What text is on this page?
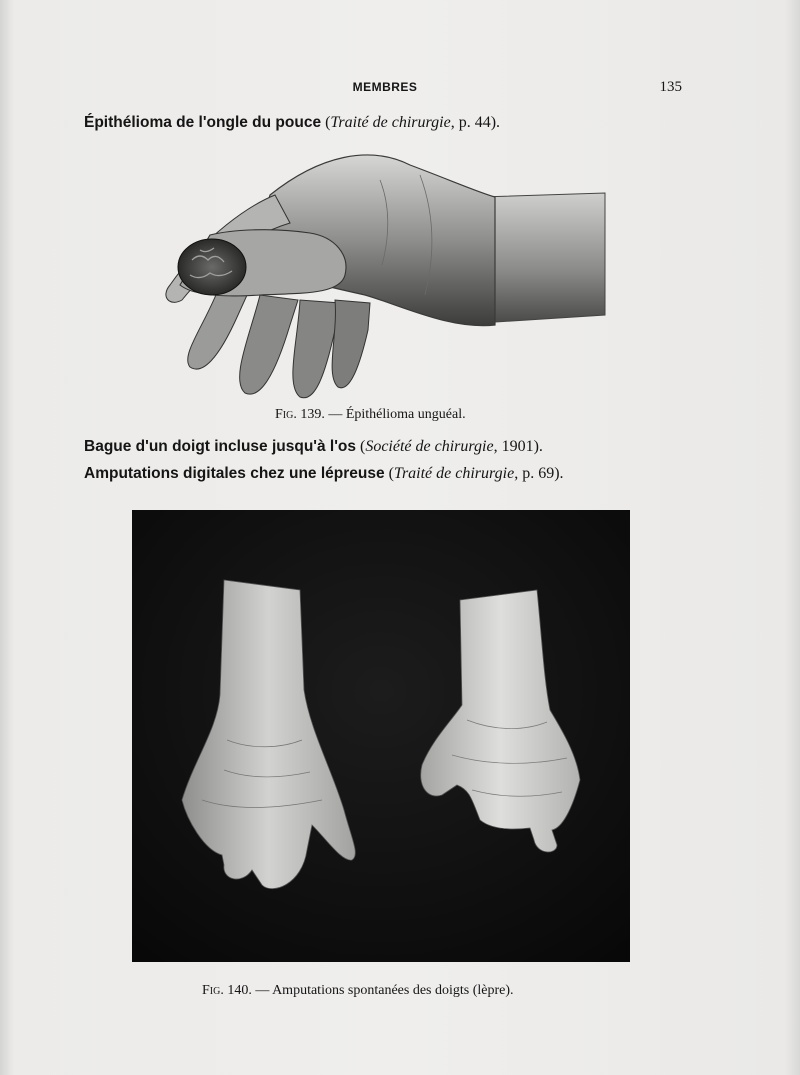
MEMBRES	135
Épithélioma de l'ongle du pouce (Traité de chirurgie, p. 44).
Fig. 139. — Épithélioma unguéal.
Bague d'un doigt incluse jusqu'à l'os (Société de chirurgie, 1901).
Amputations digitales chez une lépreuse (Traité de chirurgie, p. 69).
Fig. 140. — Amputations spontanées des doigts (lèpre).
